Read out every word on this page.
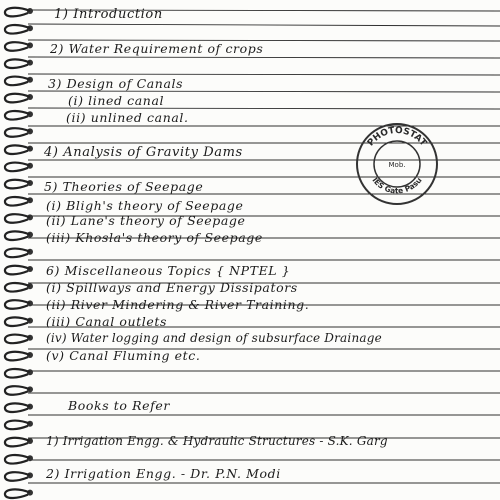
1) Introduction
2) Water Requirement of crops
3) Design of Canals
(i) lined canal
(ii) unlined canal.
4) Analysis of Gravity Dams
5) Theories of Seepage
(i) Bligh's theory of Seepage
(ii) Lane's theory of Seepage
(iii) Khosla's theory of Seepage
6) Miscellaneous Topics { NPTEL }
(i) Spillways and Energy Dissipators
(ii) River Mindering & River Training.
(iii) Canal outlets
(iv) Water logging and design of subsurface Drainage
(v) Canal Fluming etc.
Books to Refer
1) Irrigation Engg. & Hydraulic Structures - S.K. Garg
2) Irrigation Engg. - Dr. P.N. Modi
PHOTOSTAT
IES Gate Pasu
Mob.
